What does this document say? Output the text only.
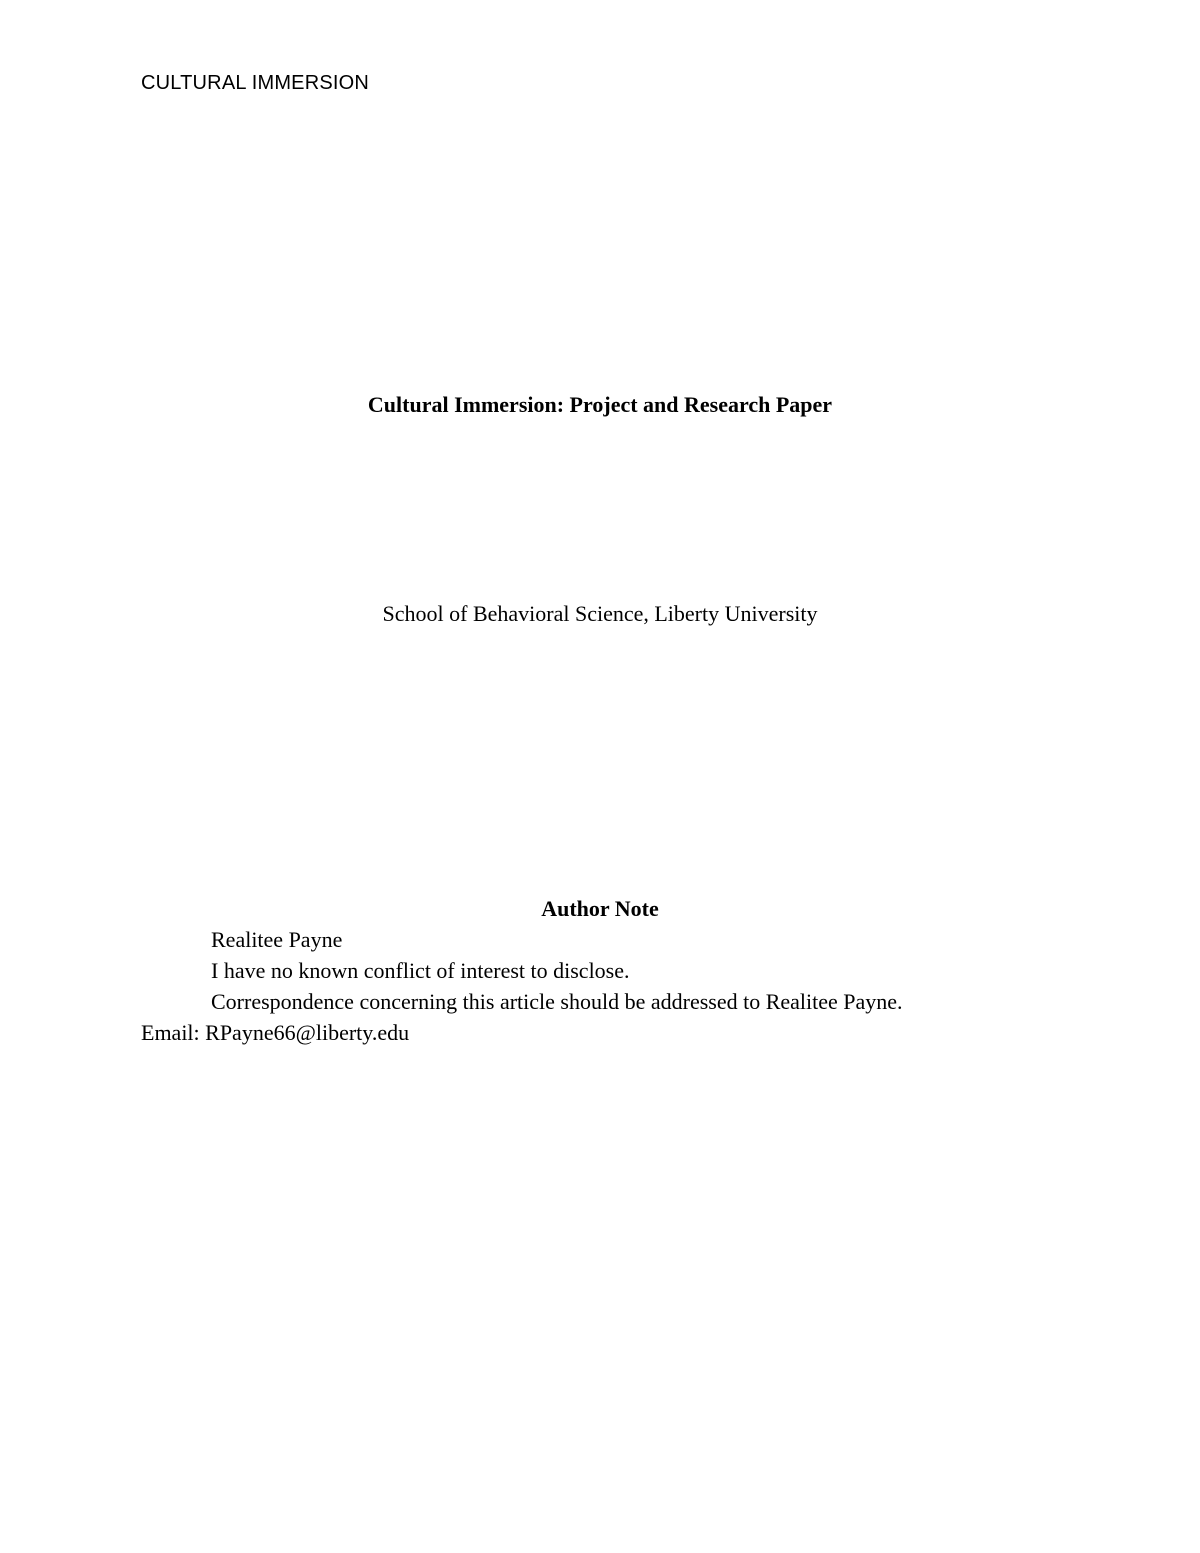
CULTURAL IMMERSION
Cultural Immersion: Project and Research Paper
School of Behavioral Science, Liberty University
Author Note
Realitee Payne
I have no known conflict of interest to disclose.
Correspondence concerning this article should be addressed to Realitee Payne.
Email: RPayne66@liberty.edu
